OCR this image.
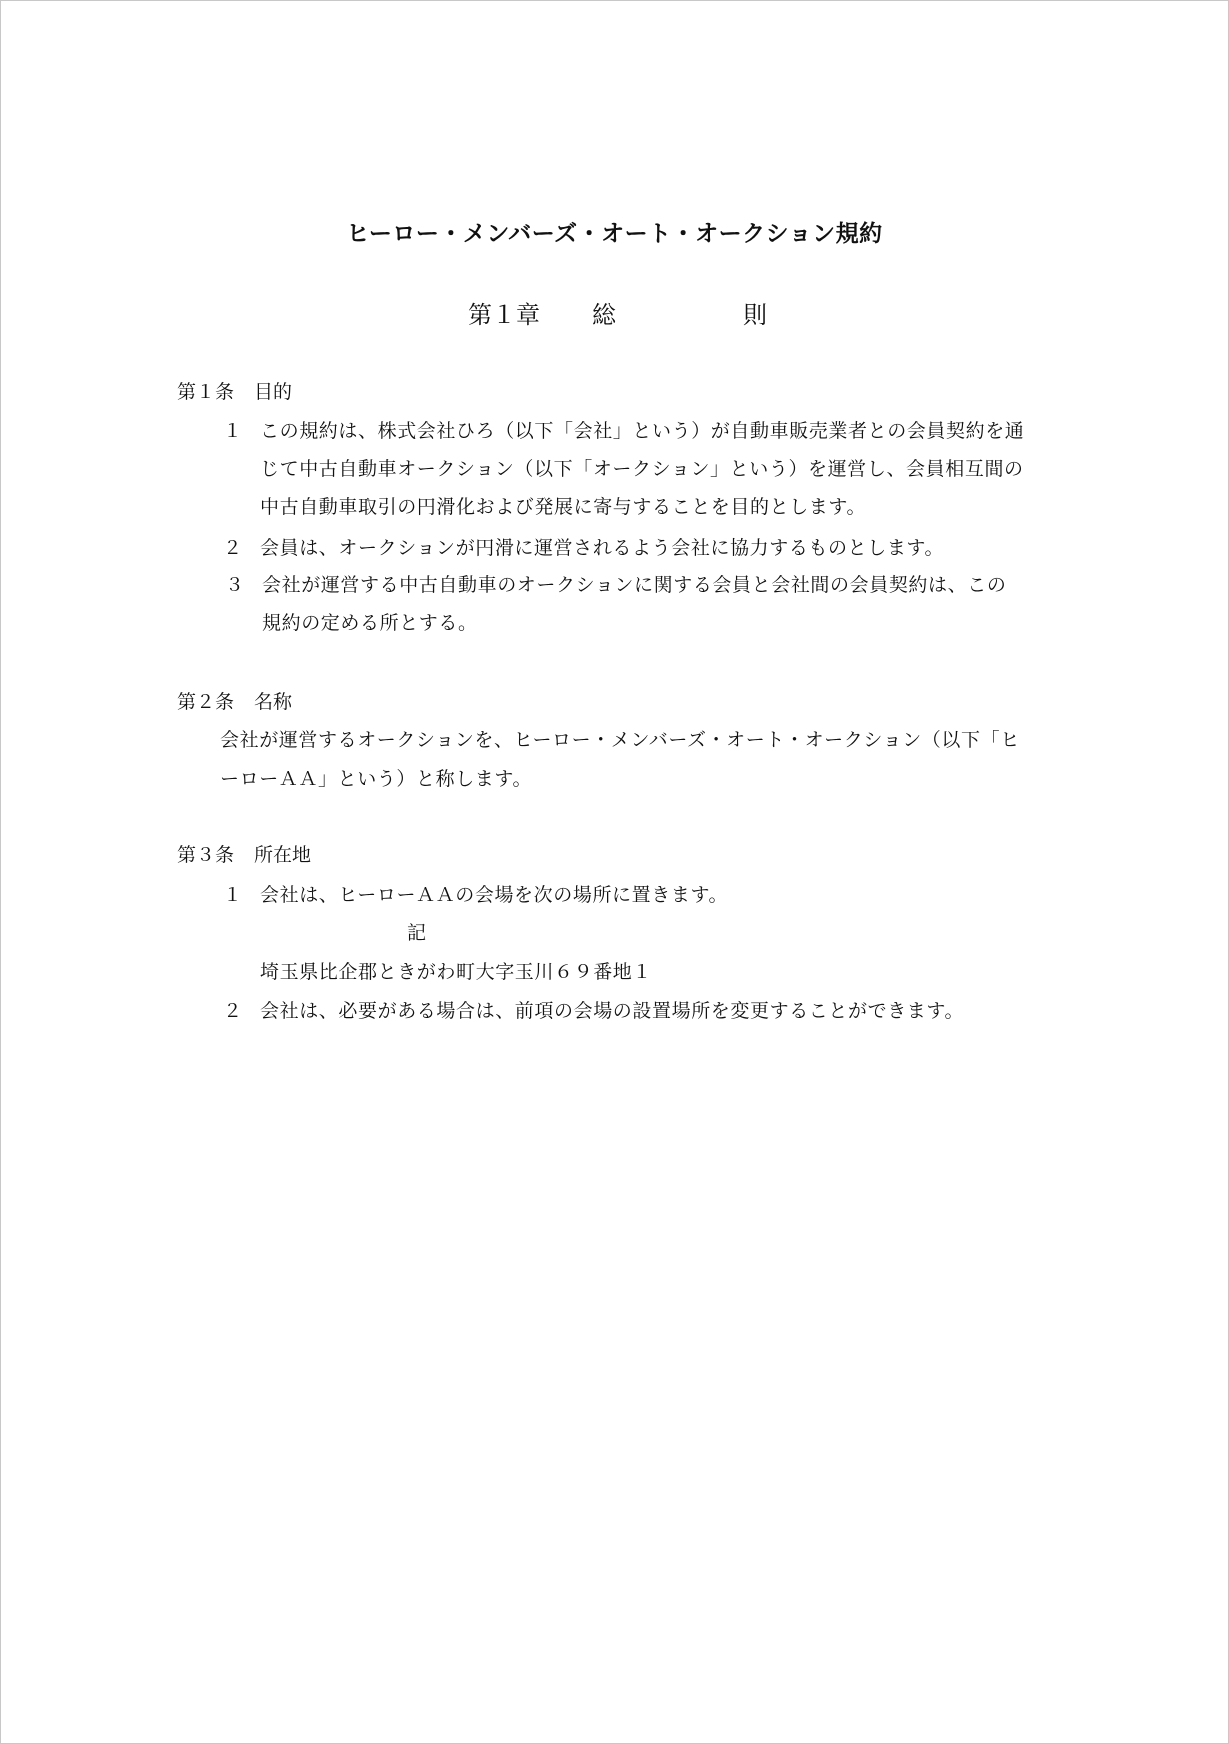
ヒーロー・メンバーズ・オート・オークション規約
第１章 総	則
第１条 目的
１ この規約は、株式会社ひろ（以下「会社」という）が自動車販売業者との会員契約を通
じて中古自動車オークション（以下「オークション」という）を運営し、会員相互間の
中古自動車取引の円滑化および発展に寄与することを目的とします。
２ 会員は、オークションが円滑に運営されるよう会社に協力するものとします。
３ 会社が運営する中古自動車のオークションに関する会員と会社間の会員契約は、この
規約の定める所とする。
第２条 名称
会社が運営するオークションを、ヒーロー・メンバーズ・オート・オークション（以下「ヒ
ーローＡＡ」という）と称します。
第３条 所在地
１ 会社は、ヒーローＡＡの会場を次の場所に置きます。
記
埼玉県比企郡ときがわ町大字玉川６９番地１
２ 会社は、必要がある場合は、前項の会場の設置場所を変更することができます。
